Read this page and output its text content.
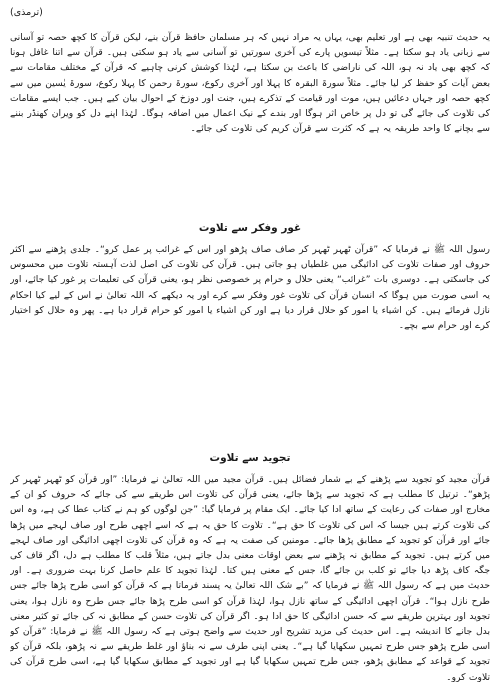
(ترمذی)

یہ حدیث تنبیہ بھی ہے اور تعلیم بھی، یہاں یہ مراد نہیں کہ ہر مسلمان حافظ قرآن بنے، لیکن قرآن کا کچھ حصہ تو آسانی سے زبانی یاد ہو سکتا ہے۔ مثلاً تیسویں پارے کی آخری سورتیں تو آسانی سے یاد ہو سکتی ہیں۔ قرآن سے اتنا غافل ہونا کہ کچھ بھی یاد نہ ہو، اللہ کی ناراضی کا باعث بن سکتا ہے، لہٰذا کوشش کرنی چاہیے کہ قرآن کے مختلف مقامات سے بعض آیات کو حفظ کر لیا جائے۔ مثلاً سورۃ البقرہ کا پہلا اور آخری رکوع، سورۃ رحمن کا پہلا رکوع، سورۃ یٰسین میں سے کچھ حصہ اور جہاں دعائیں ہیں، موت اور قیامت کے تذکرے ہیں، جنت اور دوزخ کے احوال بیان کیے ہیں۔ جب ایسے مقامات کی تلاوت کی جائے گی تو دل پر خاص اثر ہوگا اور بندے کے نیک اعمال میں اضافہ ہوگا۔ لہٰذا اپنے دل کو ویران کھنڈر بننے سے بچانے کا واحد طریقہ یہ ہے کہ کثرت سے قرآن کریم کی تلاوت کی جائے۔

غور وفکر سے تلاوت

رسول اللہ ﷺ نے فرمایا کہ ”قرآن ٹھہر ٹھہر کر صاف صاف پڑھو اور اس کے غرائب پر عمل کرو“۔ جلدی پڑھنے سے اکثر حروف اور صفات تلاوت کی ادائیگی میں غلطیاں ہو جاتی ہیں۔ قرآن کی تلاوت کی اصل لذت آہستہ تلاوت میں محسوس کی جاسکتی ہے۔ دوسری بات ”غرائب“ یعنی حلال و حرام پر خصوصی نظر ہو، یعنی قرآن کی تعلیمات پر غور کیا جائے، اور یہ اسی صورت میں ہوگا کہ انسان قرآن کی تلاوت غور وفکر سے کرے اور یہ دیکھے کہ اللہ تعالیٰ نے اس کے لیے کیا احکام نازل فرمائے ہیں۔ کن اشیاء یا امور کو حلال قرار دیا ہے اور کن اشیاء یا امور کو حرام قرار دیا ہے۔ پھر وہ حلال کو اختیار کرے اور حرام سے بچے۔

تجوید سے تلاوت

قرآن مجید کو تجوید سے پڑھنے کے بے شمار فضائل ہیں۔ قرآن مجید میں اللہ تعالیٰ نے فرمایا: ”اور قرآن کو ٹھہر ٹھہر کر پڑھو“۔ ترتیل کا مطلب ہے کہ تجوید سے پڑھا جائے، یعنی قرآن کی تلاوت اس طریقے سے کی جائے کہ حروف کو ان کے مخارج اور صفات کی رعایت کے ساتھ ادا کیا جائے۔ ایک مقام پر فرمایا گیا: ”جن لوگوں کو ہم نے کتاب عطا کی ہے، وہ اس کی تلاوت کرتے ہیں جیسا کہ اس کی تلاوت کا حق ہے“۔ تلاوت کا حق یہ ہے کہ اسے اچھی طرح اور صاف لہجے میں پڑھا جائے اور قرآن کو تجوید کے مطابق پڑھا جائے۔ مومنین کی صفت یہ ہے کہ وہ قرآن کی تلاوت اچھی ادائیگی اور صاف لہجے میں کرتے ہیں۔ تجوید کے مطابق نہ پڑھنے سے بعض اوقات معنی بدل جاتے ہیں، مثلاً قلب کا مطلب ہے دل، اگر قاف کی جگہ کاف پڑھ دیا جائے تو کلب بن جائے گا، جس کے معنی ہیں کتا۔ لہٰذا تجوید کا علم حاصل کرنا بہت ضروری ہے۔ اور حدیث میں ہے کہ رسول اللہ ﷺ نے فرمایا کہ ”بے شک اللہ تعالیٰ یہ پسند فرماتا ہے کہ قرآن کو اسی طرح پڑھا جائے جس طرح نازل ہوا“۔ قرآن اچھی ادائیگی کے ساتھ نازل ہوا، لہٰذا قرآن کو اسی طرح پڑھا جائے جس طرح وہ نازل ہوا، یعنی تجوید اور بہترین طریقے سے کہ حسن ادائیگی کا حق ادا ہو۔ اگر قرآن کی تلاوت حسن کے مطابق نہ کی جائے تو کثیر معنی بدل جانے کا اندیشہ ہے۔ اس حدیث کی مزید تشریح اور حدیث سے واضح ہوتی ہے کہ رسول اللہ ﷺ نے فرمایا: ”قرآن کو اسی طرح پڑھو جس طرح تمہیں سکھایا گیا ہے“۔ یعنی اپنی طرف سے نہ بناؤ اور غلط طریقے سے نہ پڑھو، بلکہ قرآن کو تجوید کے قواعد کے مطابق پڑھو، جس طرح تمہیں سکھایا گیا ہے اور تجوید کے مطابق سکھایا گیا ہے، اسی طرح قرآن کی تلاوت کرو۔
